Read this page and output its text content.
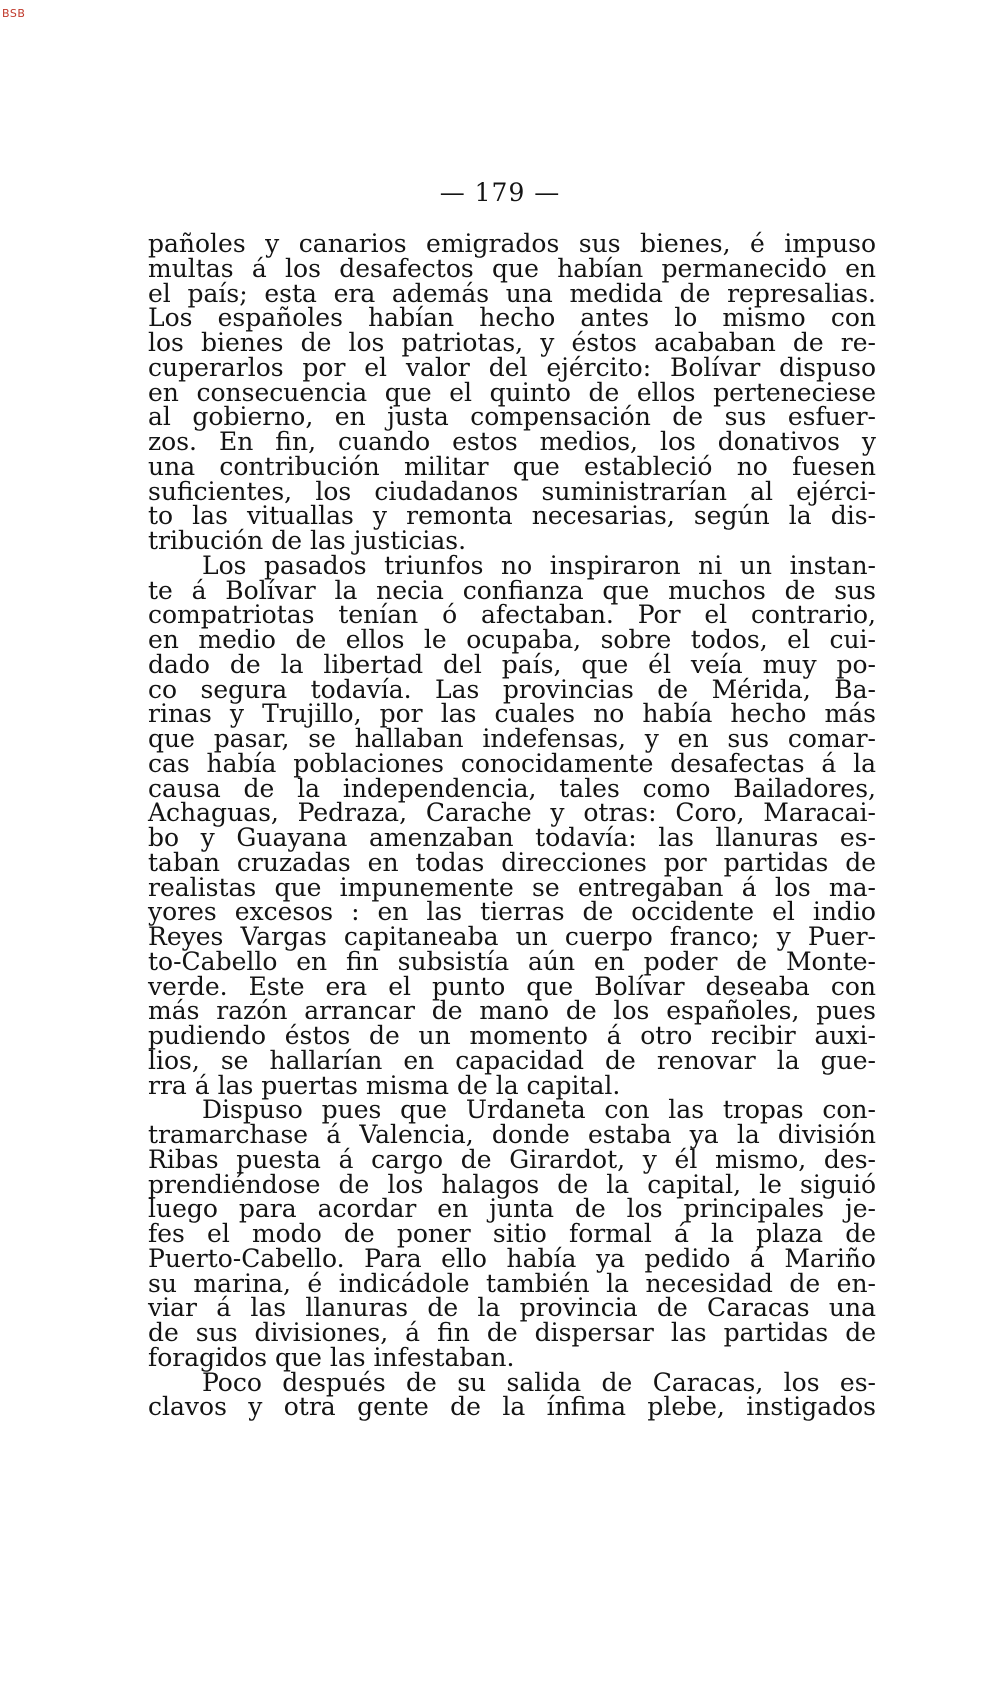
BSB
— 179 —
pañoles y canarios emigrados sus bienes, é impuso
multas á los desafectos que habían permanecido en
el país; esta era además una medida de represalias.
Los españoles habían hecho antes lo mismo con
los bienes de los patriotas, y éstos acababan de re-
cuperarlos por el valor del ejército: Bolívar dispuso
en consecuencia que el quinto de ellos perteneciese
al gobierno, en justa compensación de sus esfuer-
zos. En fin, cuando estos medios, los donativos y
una contribución militar que estableció no fuesen
suficientes, los ciudadanos suministrarían al ejérci-
to las vituallas y remonta necesarias, según la dis-
tribución de las justicias.
Los pasados triunfos no inspiraron ni un instan-
te á Bolívar la necia confianza que muchos de sus
compatriotas tenían ó afectaban. Por el contrario,
en medio de ellos le ocupaba, sobre todos, el cui-
dado de la libertad del país, que él veía muy po-
co segura todavía. Las provincias de Mérida, Ba-
rinas y Trujillo, por las cuales no había hecho más
que pasar, se hallaban indefensas, y en sus comar-
cas había poblaciones conocidamente desafectas á la
causa de la independencia, tales como Bailadores,
Achaguas, Pedraza, Carache y otras: Coro, Maracai-
bo y Guayana amenzaban todavía: las llanuras es-
taban cruzadas en todas direcciones por partidas de
realistas que impunemente se entregaban á los ma-
yores excesos : en las tierras de occidente el indio
Reyes Vargas capitaneaba un cuerpo franco; y Puer-
to-Cabello en fin subsistía aún en poder de Monte-
verde. Este era el punto que Bolívar deseaba con
más razón arrancar de mano de los españoles, pues
pudiendo éstos de un momento á otro recibir auxi-
lios, se hallarían en capacidad de renovar la gue-
rra á las puertas misma de la capital.
Dispuso pues que Urdaneta con las tropas con-
tramarchase á Valencia, donde estaba ya la división
Ribas puesta á cargo de Girardot, y él mismo, des-
prendiéndose de los halagos de la capital, le siguió
luego para acordar en junta de los principales je-
fes el modo de poner sitio formal á la plaza de
Puerto-Cabello. Para ello había ya pedido á Mariño
su marina, é indicádole también la necesidad de en-
viar á las llanuras de la provincia de Caracas una
de sus divisiones, á fin de dispersar las partidas de
foragidos que las infestaban.
Poco después de su salida de Caracas, los es-
clavos y otra gente de la ínfima plebe, instigados
